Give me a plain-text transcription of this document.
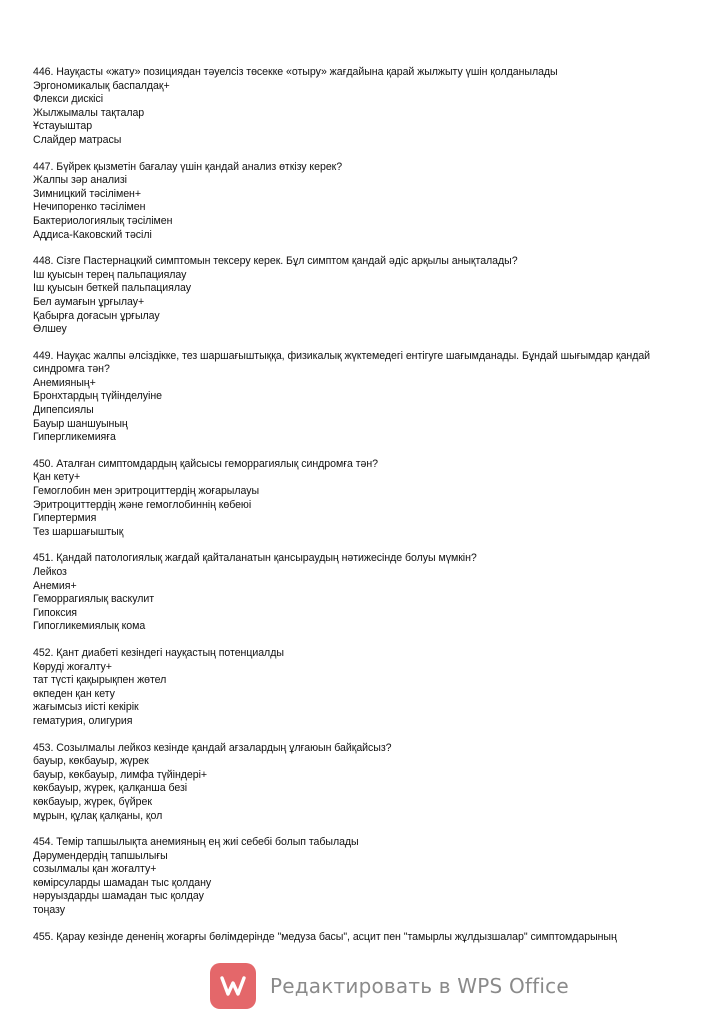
446. Науқасты «жату» позициядан тәуелсіз төсекке «отыру» жағдайына қарай жылжыту үшін қолданылады
Эргономикалық баспалдақ+
Флекси дискісі
Жылжымалы тақталар
Ұстауыштар
Слайдер матрасы
447. Бүйрек қызметін бағалау үшін қандай анализ өткізу керек?
Жалпы зәр анализі
Зимницкий тәсілімен+
Нечипоренко тәсілімен
Бактериологиялық тәсілімен
Аддиса-Каковский тәсілі
448. Сізге Пастернацкий симптомын тексеру керек. Бұл симптом қандай әдіс арқылы анықталады?
Іш қуысын терең пальпациялау
Іш қуысын беткей пальпациялау
Бел аумағын ұрғылау+
Қабырға доғасын ұрғылау
Өлшеу
449. Науқас жалпы әлсіздікке, тез шаршағыштыққа, физикалық жүктемедегі ентігуге шағымданады. Бұндай шығымдар қандай синдромға тән?
Анемияның+
Бронхтардың түйінделуіне
Дипепсиялы
Бауыр шаншуының
Гипергликемияға
450. Аталған симптомдардың қайсысы геморрагиялық синдромға тән?
Қан кету+
Гемоглобин мен эритроциттердің жоғарылауы
Эритроциттердің және гемоглобиннің көбеюі
Гипертермия
Тез шаршағыштық
451. Қандай патологиялық жағдай қайталанатын қансыраудың нәтижесінде болуы мүмкін?
Лейкоз
Анемия+
Геморрагиялық васкулит
Гипоксия
Гипогликемиялық кома
452. Қант диабеті кезіндегі науқастың потенциалды
Көруді жоғалту+
тат түсті қақырықпен жөтел
өкпеден қан кету
жағымсыз иісті кекірік
гематурия, олигурия
453. Созылмалы лейкоз кезінде қандай ағзалардың ұлғаюын байқайсыз?
бауыр, көкбауыр, жүрек
бауыр, көкбауыр, лимфа түйіндері+
көкбауыр, жүрек, қалқанша безі
көкбауыр, жүрек, бүйрек
мұрын, құлақ қалқаны, қол
454. Темір тапшылықта анемияның ең жиі себебі болып табылады
Дәрумендердің тапшылығы
созылмалы қан жоғалту+
көмірсуларды шамадан тыс қолдану
нәруыздарды шамадан тыс қолдау
тоңазу
455. Қарау кезінде дененің жоғарғы бөлімдерінде "медуза басы", асцит пен "тамырлы жұлдызшалар" симптомдарының
Редактировать в WPS Office
